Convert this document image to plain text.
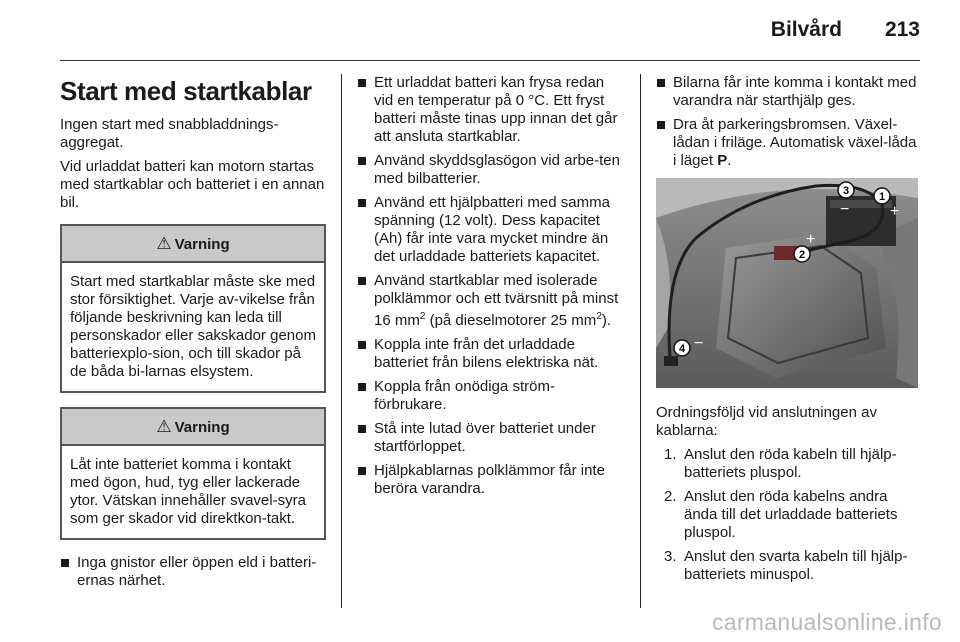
Bilvård 213
Start med startkablar

Ingen start med snabbladdnings-aggregat.

Vid urladdat batteri kan motorn startas med startkablar och batteriet i en annan bil.

⚠ Varning
Start med startkablar måste ske med stor försiktighet. Varje av-vikelse från följande beskrivning kan leda till personskador eller sakskador genom batteriexplo-sion, och till skador på de båda bi-larnas elsystem.
⚠ Varning
Låt inte batteriet komma i kontakt med ögon, hud, tyg eller lackerade ytor. Vätskan innehåller svavel-syra som ger skador vid direktkon-takt.
Inga gnistor eller öppen eld i batteri-ernas närhet.
Ett urladdat batteri kan frysa redan vid en temperatur på 0 °C. Ett fryst batteri måste tinas upp innan det går att ansluta startkablar.
Använd skyddsglasögon vid arbe-ten med bilbatterier.
Använd ett hjälpbatteri med samma spänning (12 volt). Dess kapacitet (Ah) får inte vara mycket mindre än det urladdade batteriets kapacitet.
Använd startkablar med isolerade polklämmor och ett tvärsnitt på minst 16 $mm^2$ (på dieselmotorer 25 $mm^2$).
Koppla inte från det urladdade batteriet från bilens elektriska nät.
Koppla från onödiga ström-förbrukare.
Stå inte lutad över batteriet under startförloppet.
Hjälpkablarnas polklämmor får inte beröra varandra.
Bilarna får inte komma i kontakt med varandra när starthjälp ges.
Dra åt parkeringsbromsen. Växel-lådan i friläge. Automatisk växel-låda i läget P.
1
+
3
−
2
+
4 −

Ordningsföljd vid anslutningen av kablarna:

1. Anslut den röda kabeln till hjälp-batteriets pluspol.
2. Anslut den röda kabelns andra ända till det urladdade batteriets pluspol.
3. Anslut den svarta kabeln till hjälp-batteriets minuspol.
carmanualsonline.info
